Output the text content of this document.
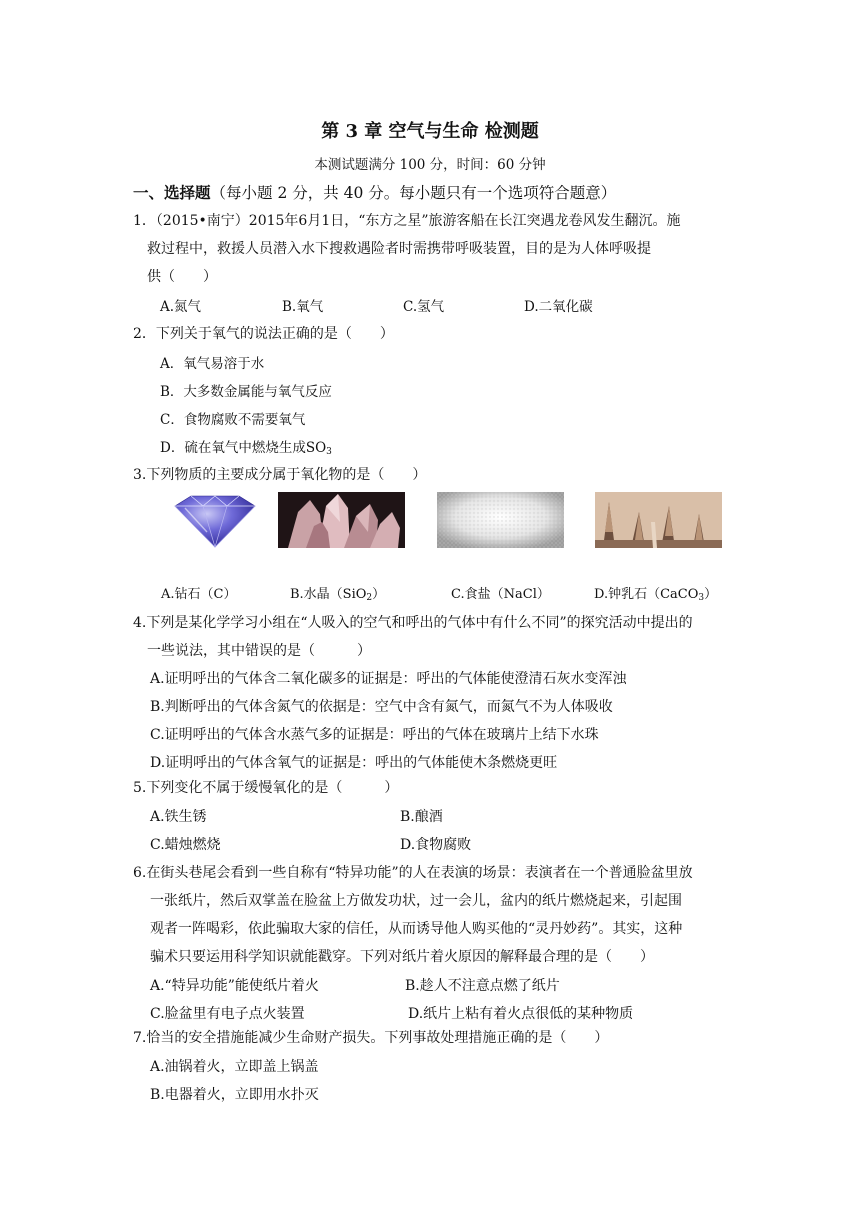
第 3 章 空气与生命 检测题
本测试题满分 100 分，时间：60 分钟
一、选择题（每小题 2 分，共 40 分。每小题只有一个选项符合题意）
1．（2015•南宁）2015年6月1日，“东方之星”旅游客船在长江突遇龙卷风发生翻沉。施
救过程中，救援人员潜入水下搜救遇险者时需携带呼吸装置，目的是为人体呼吸提
供（　　）
A.氮气	B.氧气	C.氢气	D.二氧化碳
2．下列关于氧气的说法正确的是（　　）
A．氧气易溶于水
B．大多数金属能与氧气反应
C．食物腐败不需要氧气
D．硫在氧气中燃烧生成$SO_3$
3.下列物质的主要成分属于氧化物的是（　　）
A.钻石（C）	B.水晶（SiO$_2$）	C.食盐（NaCl）	D.钟乳石（CaCO$_3$）
4.下列是某化学学习小组在“人吸入的空气和呼出的气体中有什么不同”的探究活动中提出的
一些说法，其中错误的是（　　　）
A.证明呼出的气体含二氧化碳多的证据是：呼出的气体能使澄清石灰水变浑浊
B.判断呼出的气体含氮气的依据是：空气中含有氮气，而氮气不为人体吸收
C.证明呼出的气体含水蒸气多的证据是：呼出的气体在玻璃片上结下水珠
D.证明呼出的气体含氧气的证据是：呼出的气体能使木条燃烧更旺
5.下列变化不属于缓慢氧化的是（　　　）
A.铁生锈	B.酿酒
C.蜡烛燃烧	D.食物腐败
6.在街头巷尾会看到一些自称有“特异功能”的人在表演的场景：表演者在一个普通脸盆里放
一张纸片，然后双掌盖在脸盆上方做发功状，过一会儿，盆内的纸片燃烧起来，引起围
观者一阵喝彩，依此骗取大家的信任，从而诱导他人购买他的“灵丹妙药”。其实，这种
骗术只要运用科学知识就能戳穿。下列对纸片着火原因的解释最合理的是（　　）
A.“特异功能”能使纸片着火	B.趁人不注意点燃了纸片
C.脸盆里有电子点火装置	D.纸片上粘有着火点很低的某种物质
7.恰当的安全措施能减少生命财产损失。下列事故处理措施正确的是（　　）
A.油锅着火，立即盖上锅盖
B.电器着火，立即用水扑灭
